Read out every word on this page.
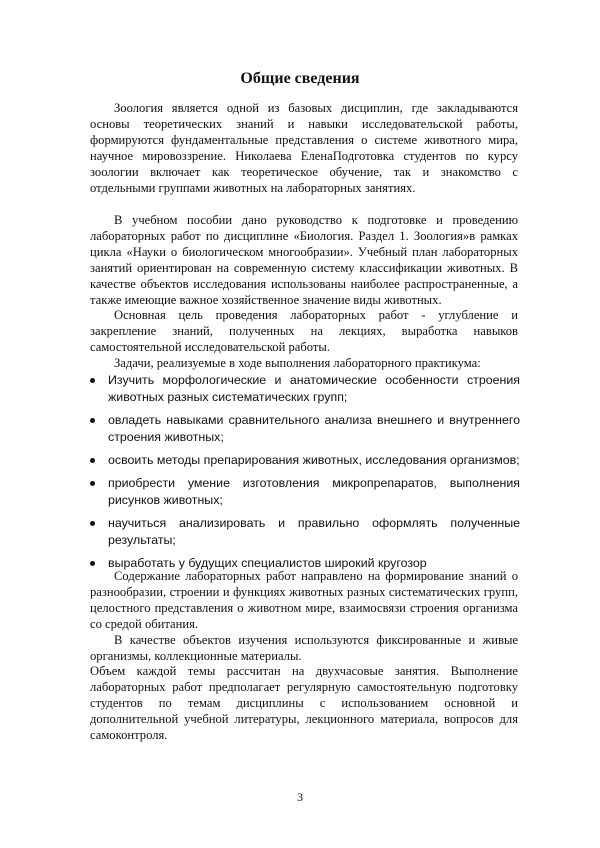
Общие сведения
Зоология является одной из базовых дисциплин, где закладываются основы теоретических знаний и навыки исследовательской работы, формируются фундаментальные представления о системе животного мира, научное мировоззрение. Николаева ЕленаПодготовка студентов по курсу зоологии включает как теоретическое обучение, так и знакомство с отдельными группами животных на лабораторных занятиях.
В учебном пособии дано руководство к подготовке и проведению лабораторных работ по дисциплине «Биология. Раздел 1. Зоология»в рамках цикла «Науки о биологическом многообразии». Учебный план лабораторных занятий ориентирован на современную систему классификации животных. В качестве объектов исследования использованы наиболее распространенные, а также имеющие важное хозяйственное значение виды животных.
Основная цель проведения лабораторных работ - углубление и закрепление знаний, полученных на лекциях, выработка навыков самостоятельной исследовательской работы.
Задачи, реализуемые в ходе выполнения лабораторного практикума:
Изучить морфологические и анатомические особенности строения животных разных систематических групп;
овладеть навыками сравнительного анализа внешнего и внутреннего строения животных;
освоить методы препарирования животных, исследования организмов;
приобрести умение изготовления микропрепаратов, выполнения рисунков животных;
научиться анализировать и правильно оформлять полученные результаты;
выработать у будущих специалистов широкий кругозор
Содержание лабораторных работ направлено на формирование знаний о разнообразии, строении и функциях животных разных систематических групп, целостного представления о животном мире, взаимосвязи строения организма со средой обитания.
В качестве объектов изучения используются фиксированные и живые организмы, коллекционные материалы.
Объем каждой темы рассчитан на двухчасовые занятия. Выполнение лабораторных работ предполагает регулярную самостоятельную подготовку студентов по темам дисциплины с использованием основной и дополнительной учебной литературы, лекционного материала, вопросов для самоконтроля.
3
